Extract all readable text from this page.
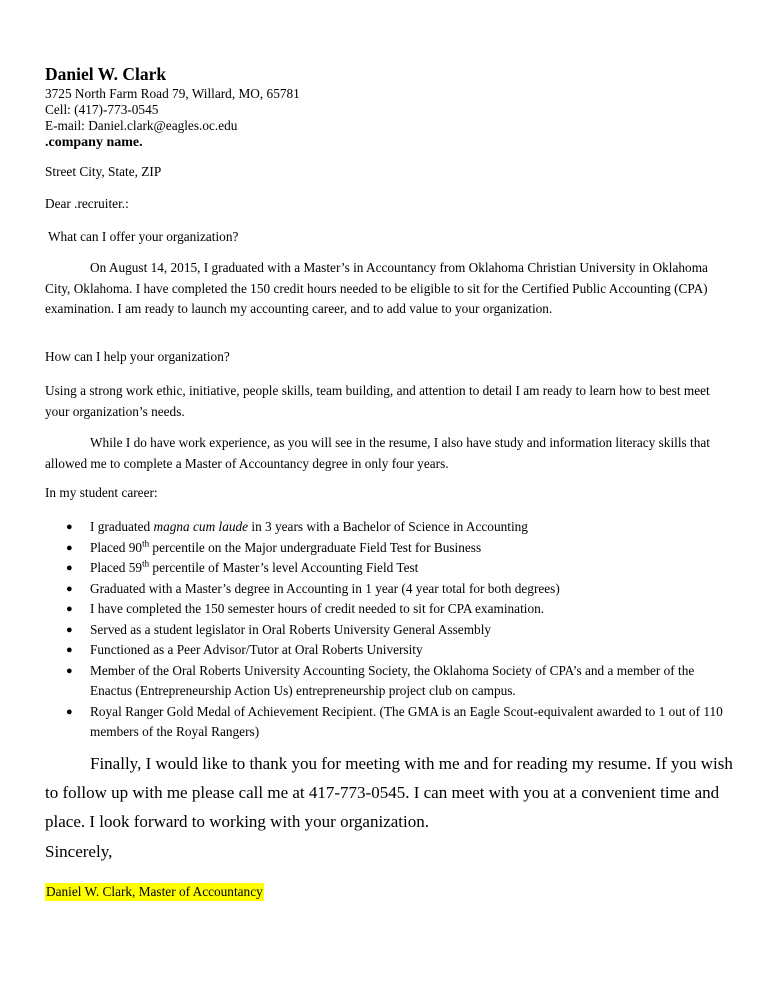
Daniel W. Clark
3725 North Farm Road 79, Willard, MO, 65781
Cell: (417)-773-0545
E-mail: Daniel.clark@eagles.oc.edu
.company name.
Street City, State, ZIP
Dear .recruiter.:
What can I offer your organization?
On August 14, 2015, I graduated with a Master’s in Accountancy from Oklahoma Christian University in Oklahoma City, Oklahoma. I have completed the 150 credit hours needed to be eligible to sit for the Certified Public Accounting (CPA) examination. I am ready to launch my accounting career, and to add value to your organization.
How can I help your organization?
Using a strong work ethic, initiative, people skills, team building, and attention to detail I am ready to learn how to best meet your organization’s needs.
While I do have work experience, as you will see in the resume, I also have study and information literacy skills that allowed me to complete a Master of Accountancy degree in only four years.
In my student career:
● I graduated magna cum laude in 3 years with a Bachelor of Science in Accounting
● Placed 90th percentile on the Major undergraduate Field Test for Business
● Placed 59th percentile of Master’s level Accounting Field Test
● Graduated with a Master’s degree in Accounting in 1 year (4 year total for both degrees)
● I have completed the 150 semester hours of credit needed to sit for CPA examination.
● Served as a student legislator in Oral Roberts University General Assembly
● Functioned as a Peer Advisor/Tutor at Oral Roberts University
● Member of the Oral Roberts University Accounting Society, the Oklahoma Society of CPA’s and a member of the Enactus (Entrepreneurship Action Us) entrepreneurship project club on campus.
● Royal Ranger Gold Medal of Achievement Recipient. (The GMA is an Eagle Scout-equivalent awarded to 1 out of 110 members of the Royal Rangers)
Finally, I would like to thank you for meeting with me and for reading my resume. If you wish to follow up with me please call me at 417-773-0545. I can meet with you at a convenient time and place. I look forward to working with your organization.
Sincerely,
Daniel W. Clark, Master of Accountancy
